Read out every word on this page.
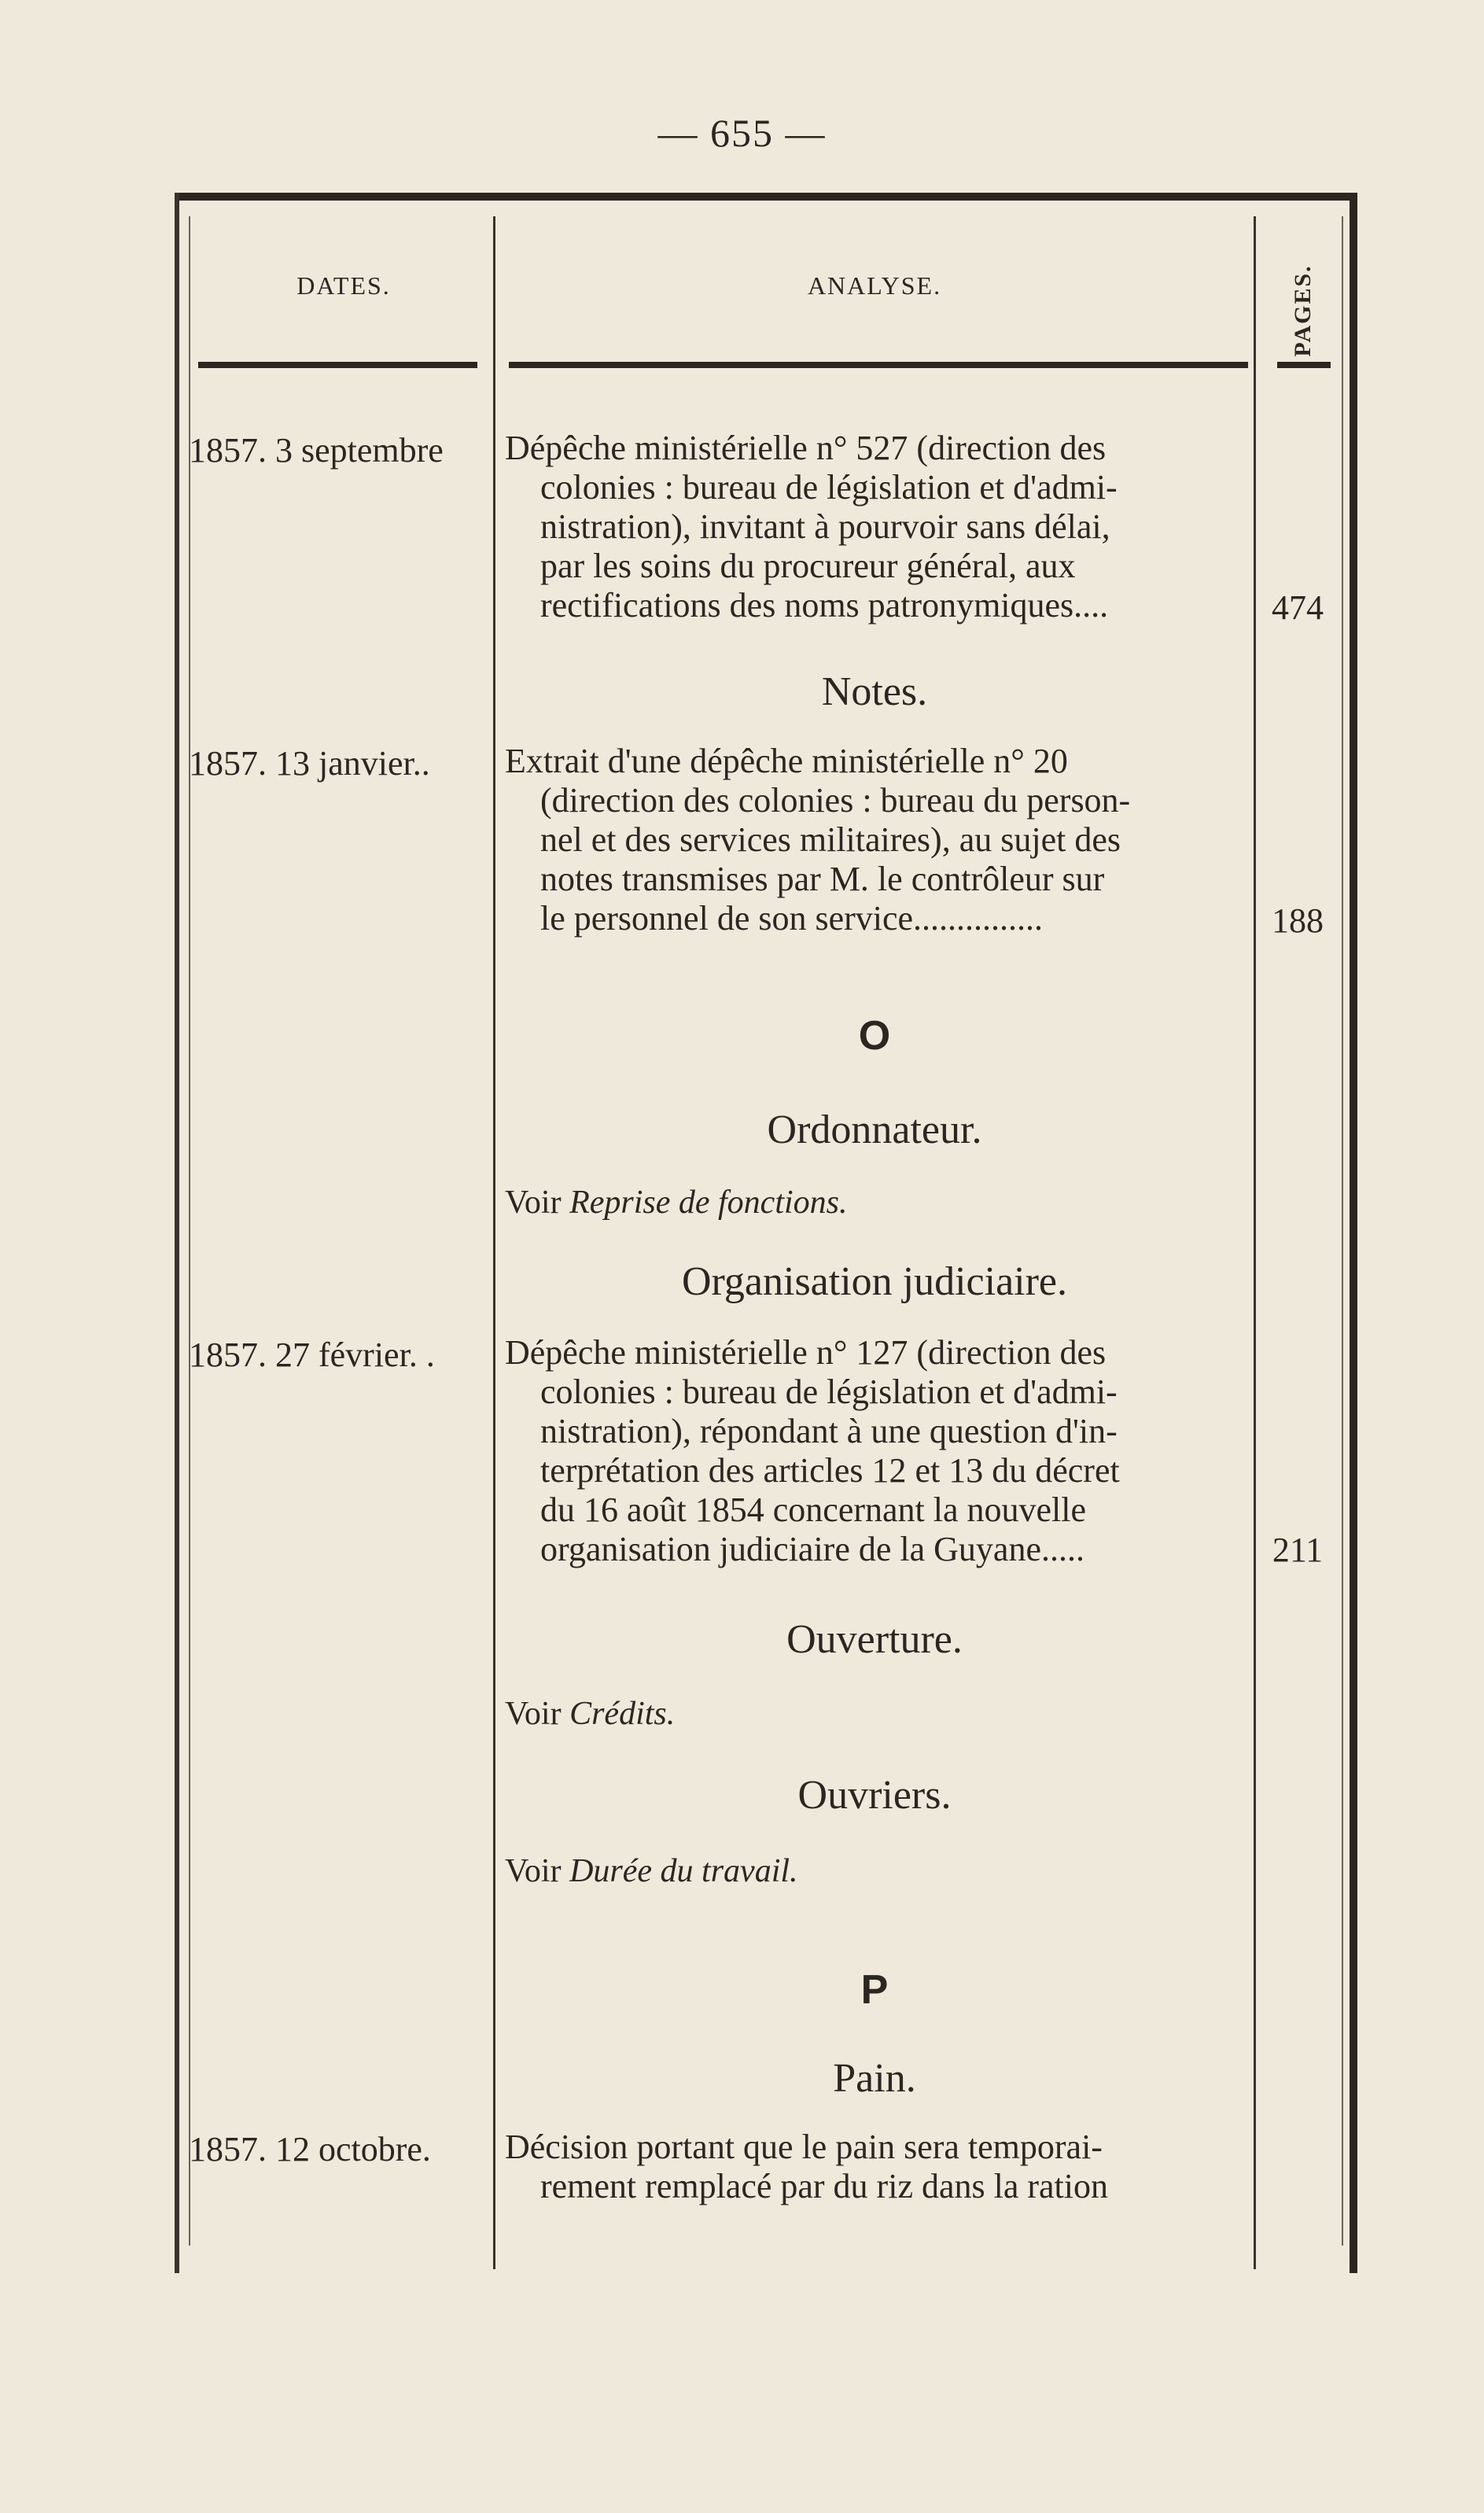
— 655 —
DATES.	ANALYSE.	PAGES.
1857. 3 septembre	Dépêche ministérielle n° 527 (direction des
colonies : bureau de législation et d'admi-
nistration), invitant à pourvoir sans délai,
par les soins du procureur général, aux
rectifications des noms patronymiques....	474
Notes.
1857. 13 janvier..	Extrait d'une dépêche ministérielle n° 20
(direction des colonies : bureau du person-
nel et des services militaires), au sujet des
notes transmises par M. le contrôleur sur
le personnel de son service...............	188
O
Ordonnateur.
Voir Reprise de fonctions.
Organisation judiciaire.
1857. 27 février. .	Dépêche ministérielle n° 127 (direction des
colonies : bureau de législation et d'admi-
nistration), répondant à une question d'in-
terprétation des articles 12 et 13 du décret
du 16 août 1854 concernant la nouvelle
organisation judiciaire de la Guyane.....	211
Ouverture.
Voir Crédits.
Ouvriers.
Voir Durée du travail.
P
Pain.
1857. 12 octobre.	Décision portant que le pain sera temporai-
rement remplacé par du riz dans la ration
